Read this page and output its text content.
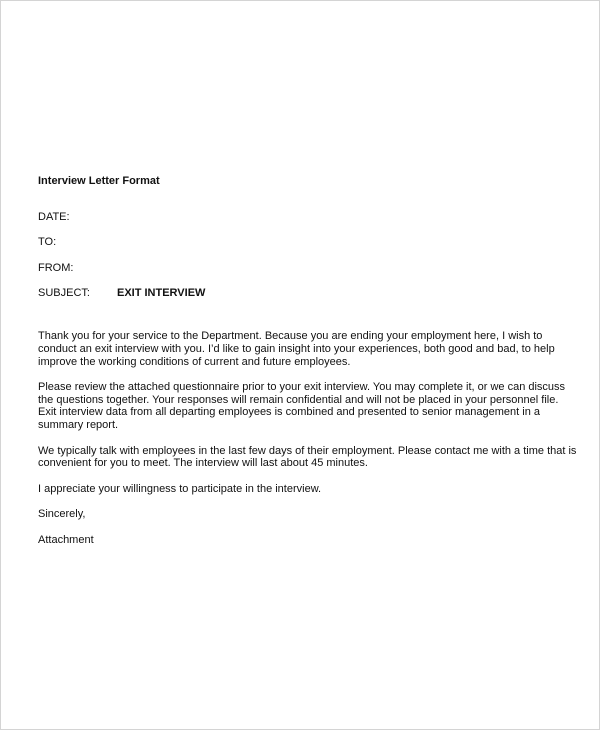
Interview Letter Format
DATE:
TO:
FROM:
SUBJECT: EXIT INTERVIEW

Thank you for your service to the Department. Because you are ending your employment here, I wish to conduct an exit interview with you. I’d like to gain insight into your experiences, both good and bad, to help improve the working conditions of current and future employees.

Please review the attached questionnaire prior to your exit interview. You may complete it, or we can discuss the questions together. Your responses will remain confidential and will not be placed in your personnel file. Exit interview data from all departing employees is combined and presented to senior management in a summary report.

We typically talk with employees in the last few days of their employment. Please contact me with a time that is convenient for you to meet. The interview will last about 45 minutes.

I appreciate your willingness to participate in the interview.

Sincerely,

Attachment
